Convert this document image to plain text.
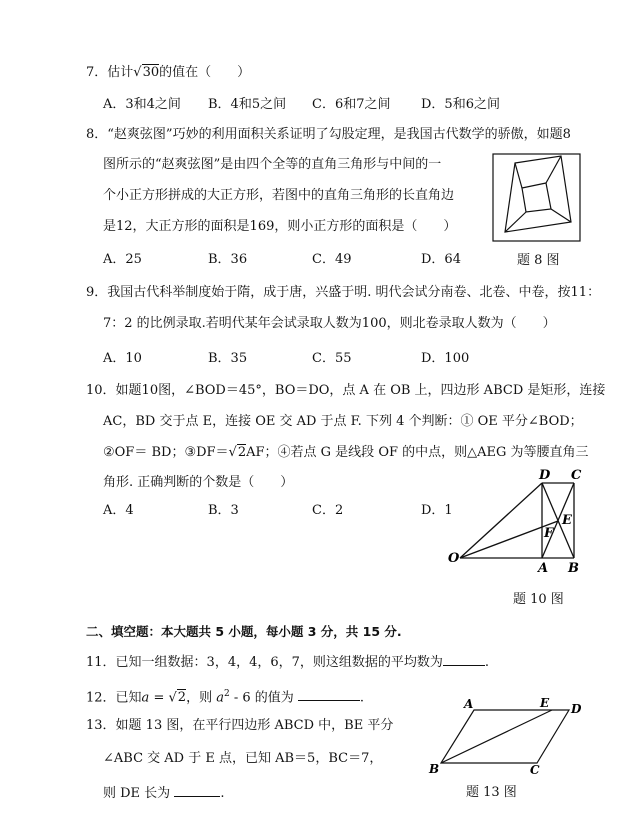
7．估计√30的值在（　　）
A．3和4之间 B．4和5之间 C．6和7之间 D．5和6之间
8．“赵爽弦图”巧妙的利用面积关系证明了勾股定理，是我国古代数学的骄傲，如题8
图所示的“赵爽弦图”是由四个全等的直角三角形与中间的一
个小正方形拼成的大正方形，若图中的直角三角形的长直角边
是12，大正方形的面积是169，则小正方形的面积是（　　）
A．25	B．36	C．49	D．64	题 8 图
9．我国古代科举制度始于隋，成于唐，兴盛于明. 明代会试分南卷、北卷、中卷，按11：
7：2 的比例录取.若明代某年会试录取人数为100，则北卷录取人数为（　　）
A．10	B．35	C．55	D．100
10．如题10图，∠BOD＝45°，BO＝DO，点 A 在 OB 上，四边形 ABCD 是矩形，连接
AC，BD 交于点 E，连接 OE 交 AD 于点 F. 下列 4 个判断：① OE 平分∠BOD；
②OF＝ BD；③DF＝√2AF；④若点 G 是线段 OF 的中点，则△AEG 为等腰直角三
角形. 正确判断的个数是（　　）
A．4	B．3	C．2	D．1
O
A B
D C
E
F
题 10 图
二、填空题：本大题共 5 小题，每小题 3 分，共 15 分.
11．已知一组数据：3，4，4，6，7，则这组数据的平均数为	.
12．已知a = √2，则 $a^2 - 6$ 的值为	.
13．如题 13 图，在平行四边形 ABCD 中，BE 平分
∠ABC 交 AD 于 E 点，已知 AB＝5，BC＝7，
则 DE 长为	.
A	E D
B	C
题 13 图
